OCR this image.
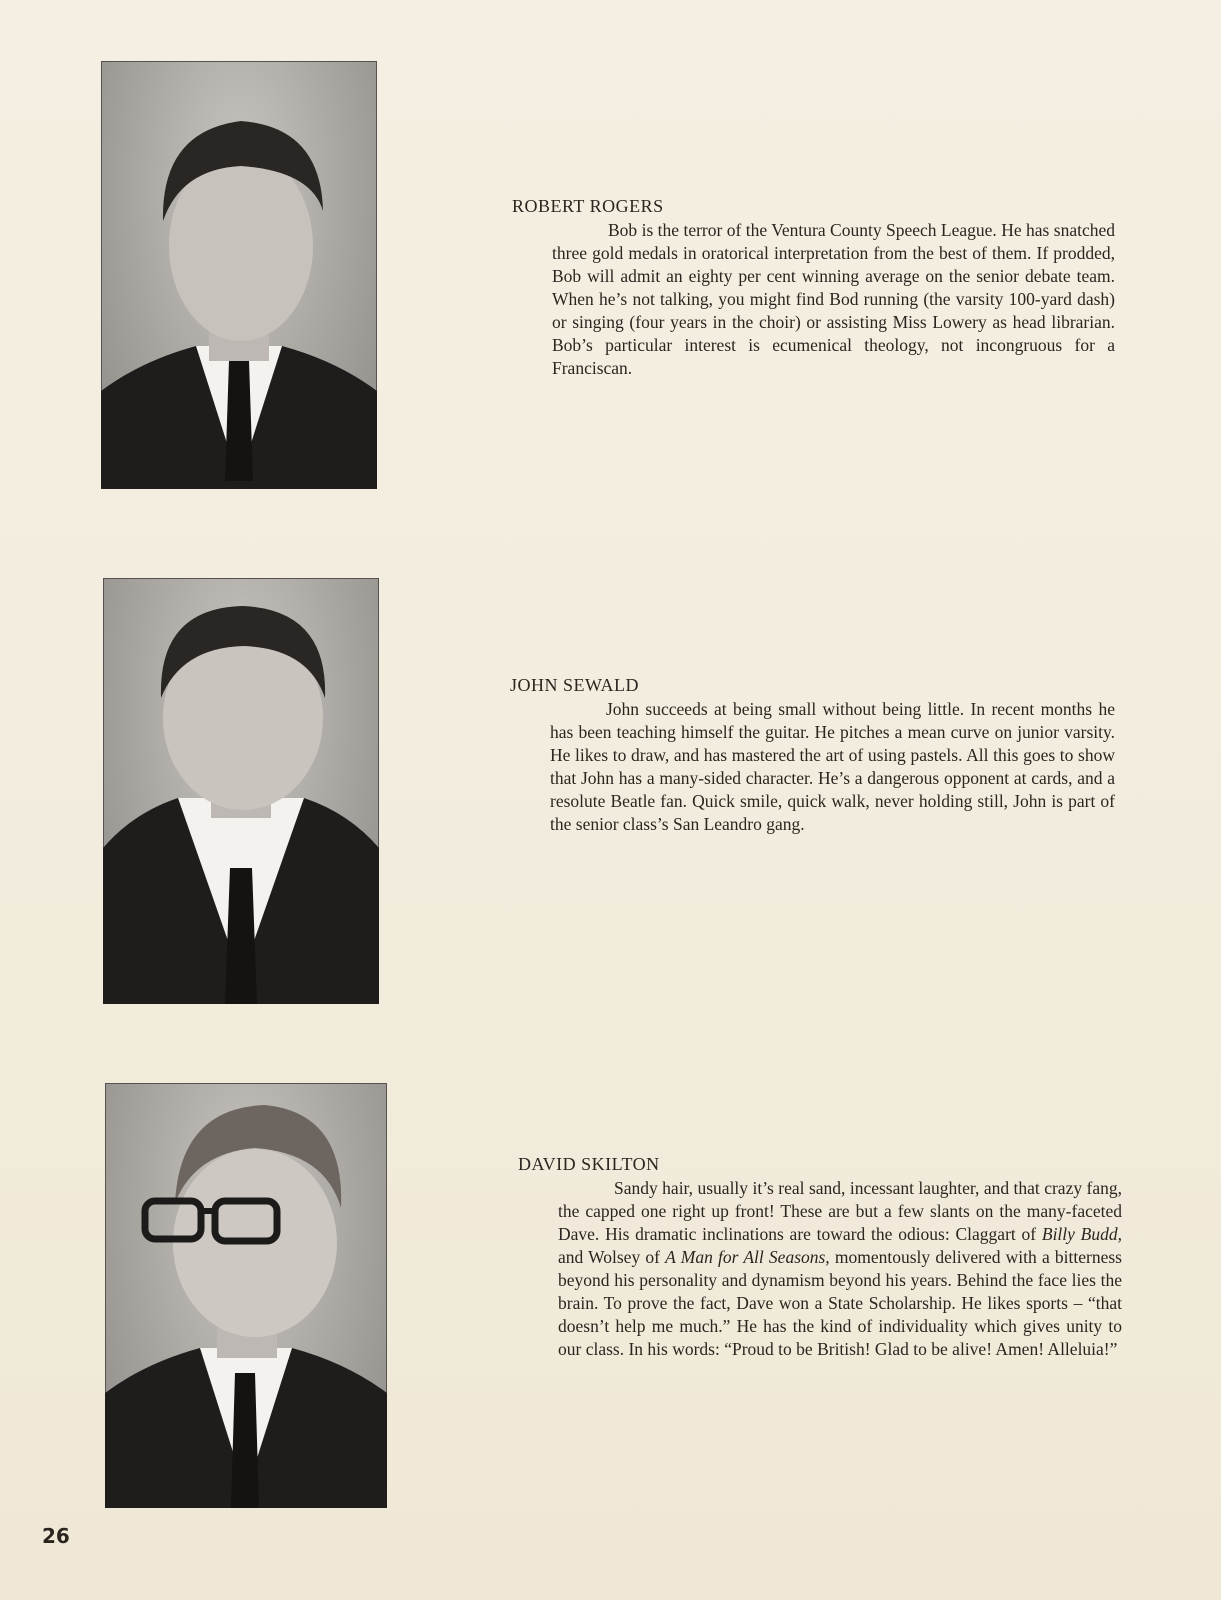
ROBERT ROGERS

Bob is the terror of the Ventura County Speech League. He has snatched three gold medals in oratorical interpretation from the best of them. If prodded, Bob will admit an eighty per cent winning average on the senior debate team. When he’s not talking, you might find Bod running (the varsity 100-yard dash) or singing (four years in the choir) or assisting Miss Lowery as head librarian. Bob’s particular interest is ecumenical theology, not incongruous for a Franciscan.

JOHN SEWALD

John succeeds at being small without being little. In recent months he has been teaching himself the guitar. He pitches a mean curve on junior varsity. He likes to draw, and has mastered the art of using pastels. All this goes to show that John has a many-sided character. He’s a dangerous opponent at cards, and a resolute Beatle fan. Quick smile, quick walk, never holding still, John is part of the senior class’s San Leandro gang.

DAVID SKILTON

Sandy hair, usually it’s real sand, incessant laughter, and that crazy fang, the capped one right up front! These are but a few slants on the many-faceted Dave. His dramatic inclinations are toward the odious: Claggart of Billy Budd, and Wolsey of A Man for All Seasons, momentously delivered with a bitterness beyond his personality and dynamism beyond his years. Behind the face lies the brain. To prove the fact, Dave won a State Scholarship. He likes sports – “that doesn’t help me much.” He has the kind of individuality which gives unity to our class. In his words: “Proud to be British! Glad to be alive! Amen! Alleluia!”

26
